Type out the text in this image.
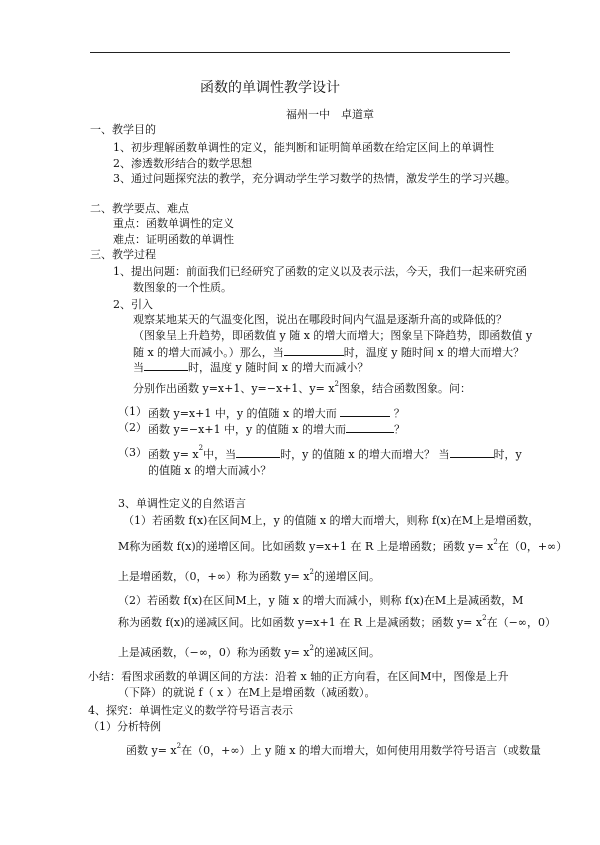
函数的单调性教学设计
福州一中　卓道章
一、教学目的
1、初步理解函数单调性的定义，能判断和证明简单函数在给定区间上的单调性
2、渗透数形结合的数学思想
3、通过问题探究法的教学，充分调动学生学习数学的热情，激发学生的学习兴趣。
二、教学要点、难点
重点：函数单调性的定义
难点：证明函数的单调性
三、教学过程
1、提出问题：前面我们已经研究了函数的定义以及表示法，今天，我们一起来研究函
数图象的一个性质。
2、引入
观察某地某天的气温变化图，说出在哪段时间内气温是逐渐升高的或降低的？
（图象呈上升趋势，即函数值 y 随 x 的增大而增大；图象呈下降趋势，即函数值 y
随 x 的增大而减小。）那么，当	时，温度 y 随时间 x 的增大而增大？
当	时，温度 y 随时间 x 的增大而减小？
分别作出函数 y=x+1、y=−x+1、$y= x^2$图象，结合函数图象。问：
（1） 函数 y=x+1 中，y 的值随 x 的增大而	？
（2） 函数 y=−x+1 中，y 的值随 x 的增大而	？
（3） 函数 $y= x^2$中，当	时，y 的值随 x 的增大而增大？ 当	时，y
的值随 x 的增大而减小？
3、单调性定义的自然语言
（1）若函数 f(x)在区间M上，y 的值随 x 的增大而增大，则称 f(x)在M上是增函数，
M称为函数 f(x)的递增区间。比如函数 y=x+1 在 R 上是增函数；函数 $y= x^2$在（0，+∞）
上是增函数，（0，+∞）称为函数 $y= x^2$的递增区间。
（2）若函数 f(x)在区间M上，y 随 x 的增大而减小，则称 f(x)在M上是减函数，M
称为函数 f(x)的递减区间。比如函数 y=x+1 在 R 上是减函数；函数 $y= x^2$在（−∞，0）
上是减函数，（−∞，0）称为函数 $y= x^2$的递减区间。
小结：看图求函数的单调区间的方法：沿着 x 轴的正方向看，在区间M中，图像是上升
（下降）的就说 f（ x ）在M上是增函数（减函数）。
4、探究：单调性定义的数学符号语言表示
（1）分析特例
函数 $y= x^2$在（0，+∞）上 y 随 x 的增大而增大，如何使用用数学符号语言（或数量
